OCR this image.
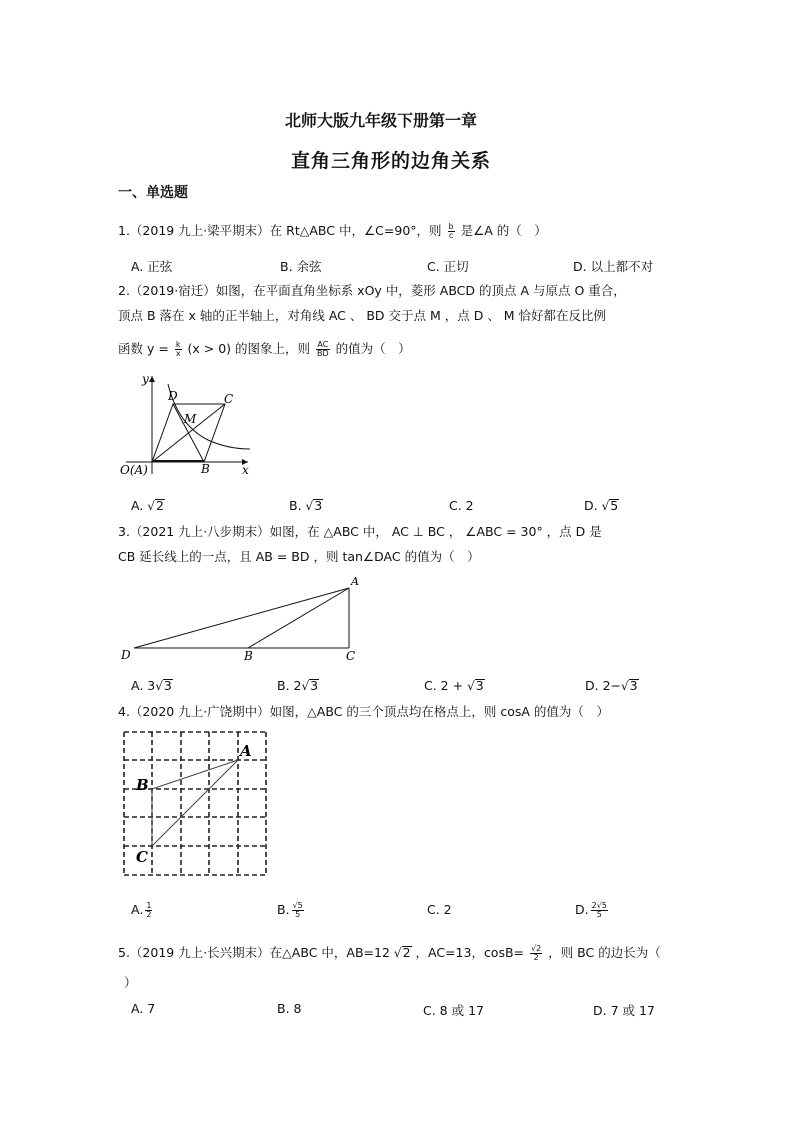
北师大版九年级下册第一章
直角三角形的边角关系
一、单选题
1.（2019 九上·梁平期末）在 Rt△ABC 中，∠C=90°，则 $\frac{b}{c}$ 是∠A 的（　）
A. 正弦	B. 余弦	C. 正切	D. 以上都不对
2.（2019·宿迁）如图，在平面直角坐标系 xOy 中，菱形 ABCD 的顶点 A 与原点 O 重合，
顶点 B 落在 x 轴的正半轴上，对角线 AC 、 BD 交于点 M ，点 D 、 M 恰好都在反比例
函数 $y = \frac{k}{x} (x > 0)$ 的图象上，则 $\frac{AC}{BD}$ 的值为（　）
y
D	C
M
B
O(A)	x
A. √2	B. √3	C. 2	D. √5
3.（2021 九上·八步期末）如图，在 △ABC 中， AC ⊥ BC ， ∠ABC = 30° ，点 D 是
CB 延长线上的一点，且 AB = BD ，则 tan∠DAC 的值为（　）
A
D	B	C
A. 3√3	B. 2√3	C. 2 + √3	D. 2−√3
4.（2020 九上·广饶期中）如图，△ABC 的三个顶点均在格点上，则 cosA 的值为（　）
A
B
C
A. $\frac{1}{2}$	B. $\frac{√5}{5}$	C. 2	D. $\frac{2√5}{5}$
5.（2019 九上·长兴期末）在△ABC 中，AB=12 √2 ，AC=13，$\cos B= \frac{√2}{2}$ ，则 BC 的边长为（
）
A. 7	B. 8	C. 8 或 17	D. 7 或 17
